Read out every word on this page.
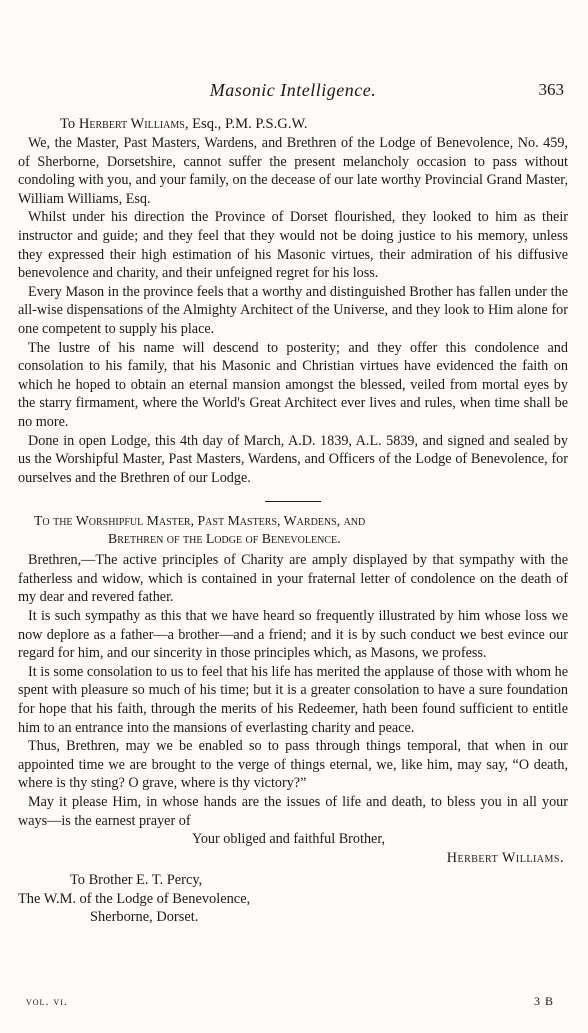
Masonic Intelligence.	363

To Herbert Williams, Esq., P.M. P.S.G.W.

We, the Master, Past Masters, Wardens, and Brethren of the Lodge of Benevolence, No. 459, of Sherborne, Dorsetshire, cannot suffer the present melancholy occasion to pass without condoling with you, and your family, on the decease of our late worthy Provincial Grand Master, William Williams, Esq.

Whilst under his direction the Province of Dorset flourished, they looked to him as their instructor and guide; and they feel that they would not be doing justice to his memory, unless they expressed their high estimation of his Masonic virtues, their admiration of his diffusive benevolence and charity, and their unfeigned regret for his loss.

Every Mason in the province feels that a worthy and distinguished Brother has fallen under the all-wise dispensations of the Almighty Architect of the Universe, and they look to Him alone for one competent to supply his place.

The lustre of his name will descend to posterity; and they offer this condolence and consolation to his family, that his Masonic and Christian virtues have evidenced the faith on which he hoped to obtain an eternal mansion amongst the blessed, veiled from mortal eyes by the starry firmament, where the World's Great Architect ever lives and rules, when time shall be no more.

Done in open Lodge, this 4th day of March, A.D. 1839, A.L. 5839, and signed and sealed by us the Worshipful Master, Past Masters, Wardens, and Officers of the Lodge of Benevolence, for ourselves and the Brethren of our Lodge.

To the Worshipful Master, Past Masters, Wardens, and

Brethren of the Lodge of Benevolence.

Brethren,—The active principles of Charity are amply displayed by that sympathy with the fatherless and widow, which is contained in your fraternal letter of condolence on the death of my dear and revered father.

It is such sympathy as this that we have heard so frequently illustrated by him whose loss we now deplore as a father—a brother—and a friend; and it is by such conduct we best evince our regard for him, and our sincerity in those principles which, as Masons, we profess.

It is some consolation to us to feel that his life has merited the applause of those with whom he spent with pleasure so much of his time; but it is a greater consolation to have a sure foundation for hope that his faith, through the merits of his Redeemer, hath been found sufficient to entitle him to an entrance into the mansions of everlasting charity and peace.

Thus, Brethren, may we be enabled so to pass through things temporal, that when in our appointed time we are brought to the verge of things eternal, we, like him, may say, “O death, where is thy sting? O grave, where is thy victory?”

May it please Him, in whose hands are the issues of life and death, to bless you in all your ways—is the earnest prayer of

Your obliged and faithful Brother,

Herbert Williams.

To Brother E. T. Percy,

The W.M. of the Lodge of Benevolence,

Sherborne, Dorset.

vol. vi.	3 B
